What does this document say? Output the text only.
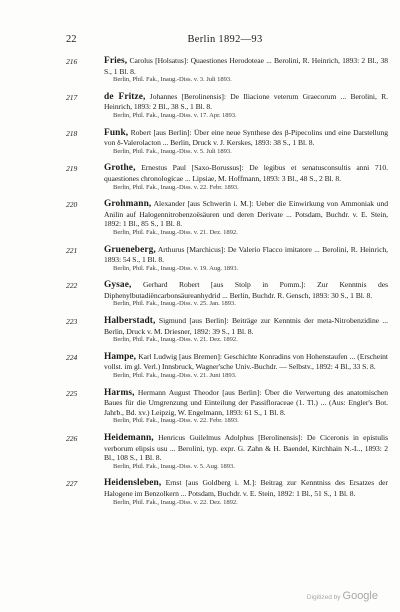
22	Berlin 1892—93
216	Fries, Carolus [Holsatus]: Quaestiones Herodoteae ... Berolini, R. Heinrich, 1893: 2 Bl., 38 S., 1 Bl. 8.
Berlin, Phil. Fak., Inaug.-Diss. v. 3. Juli 1893.
217	de Fritze, Johannes [Berolinensis]: De Iliacione veterum Graecorum ... Berolini, R. Heinrich, 1893: 2 Bl., 38 S., 1 Bl. 8.
Berlin, Phil. Fak., Inaug.-Diss. v. 17. Apr. 1893.
218	Funk, Robert [aus Berlin]: Über eine neue Synthese des β-Pipecolins und eine Darstellung von δ-Valerolacton ... Berlin, Druck v. J. Kerskes, 1893: 38 S., 1 Bl. 8.
Berlin, Phil. Fak., Inaug.-Diss. v. 5. Juli 1893.
219	Grothe, Ernestus Paul [Saxo-Borussus]: De legibus et senatusconsultis anni 710. quaestiones chronologicae ... Lipsiae, M. Hoffmann, 1893: 3 Bl., 48 S., 2 Bl. 8.
Berlin, Phil. Fak., Inaug.-Diss. v. 22. Febr. 1893.
220	Grohmann, Alexander [aus Schwerin i. M.]: Ueber die Einwirkung von Ammoniak und Anilin auf Halogennitrobenzoësäuren und deren Derivate ... Potsdam, Buchdr. v. E. Stein, 1892: 1 Bl., 85 S., 1 Bl. 8.
Berlin, Phil. Fak., Inaug.-Diss. v. 21. Dez. 1892.
221	Grueneberg, Arthurus [Marchicus]: De Valerio Flacco imitatore ... Berolini, R. Heinrich, 1893: 54 S., 1 Bl. 8.
Berlin, Phil. Fak., Inaug.-Diss. v. 19. Aug. 1893.
222	Gysae, Gerhard Robert [aus Stolp in Pomm.]: Zur Kenntnis des Diphenylbutadiëncarbonsäureanhydrid ... Berlin, Buchdr. R. Gensch, 1893: 30 S., 1 Bl. 8.
Berlin, Phil. Fak., Inaug.-Diss. v. 25. Jan. 1893.
223	Halberstadt, Sigmund [aus Berlin]: Beiträge zur Kenntnis der meta-Nitrobenzidine ... Berlin, Druck v. M. Driesner, 1892: 39 S., 1 Bl. 8.
Berlin, Phil. Fak., Inaug.-Diss. v. 21. Dez. 1892.
224	Hampe, Karl Ludwig [aus Bremen]: Geschichte Konradins von Hohenstaufen ... (Erscheint vollst. im gl. Verl.) Innsbruck, Wagner'sche Univ.-Buchdr. — Selbstv., 1892: 4 Bl., 33 S. 8.
Berlin, Phil. Fak., Inaug.-Diss. v. 21. Juni 1893.
225	Harms, Hermann August Theodor [aus Berlin]: Über die Verwertung des anatomischen Baues für die Umgrenzung und Einteilung der Passifloraceae (1. Tl.) ... (Aus: Engler's Bot. Jahrb., Bd. xv.) Leipzig, W. Engelmann, 1893: 61 S., 1 Bl. 8.
Berlin, Phil. Fak., Inaug.-Diss. v. 22. Febr. 1893.
226	Heidemann, Henricus Guilelmus Adolphus [Berolinensis]: De Ciceronis in epistulis verborum elipsis usu ... Berolini, typ. expr. G. Zahn & H. Baendel, Kirchhain N.-L., 1893: 2 Bl., 108 S., 1 Bl. 8.
Berlin, Phil. Fak., Inaug.-Diss. v. 5. Aug. 1893.
227	Heidensleben, Ernst [aus Goldberg i. M.]: Beitrag zur Kenntniss des Ersatzes der Halogene im Benzolkern ... Potsdam, Buchdr. v. E. Stein, 1892: 1 Bl., 51 S., 1 Bl. 8.
Berlin, Phil. Fak., Inaug.-Diss. v. 22. Dez. 1892.
Digitized by Google
